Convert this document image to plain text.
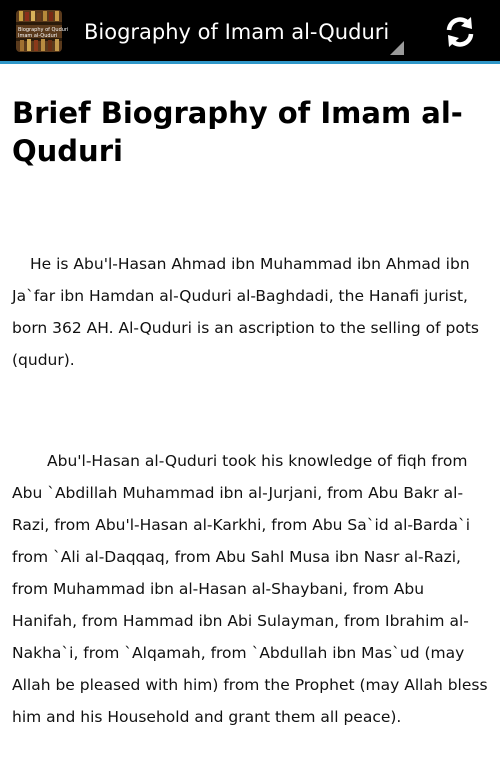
Biography of Quduri
Imam al-Quduri	Biography of Imam al-Quduri
Brief Biography of Imam al-Quduri

He is Abu'l-Hasan Ahmad ibn Muhammad ibn Ahmad ibn Ja`far ibn Hamdan al-Quduri al-Baghdadi, the Hanafi jurist, born 362 AH. Al-Quduri is an ascription to the selling of pots (qudur).

Abu'l-Hasan al-Quduri took his knowledge of fiqh from Abu `Abdillah Muhammad ibn al-Jurjani, from Abu Bakr al-Razi, from Abu'l-Hasan al-Karkhi, from Abu Sa`id al-Barda`i from `Ali al-Daqqaq, from Abu Sahl Musa ibn Nasr al-Razi, from Muhammad ibn al-Hasan al-Shaybani, from Abu Hanifah, from Hammad ibn Abi Sulayman, from Ibrahim al-Nakha`i, from `Alqamah, from `Abdullah ibn Mas`ud (may Allah be pleased with him) from the Prophet (may Allah bless him and his Household and grant them all peace).
